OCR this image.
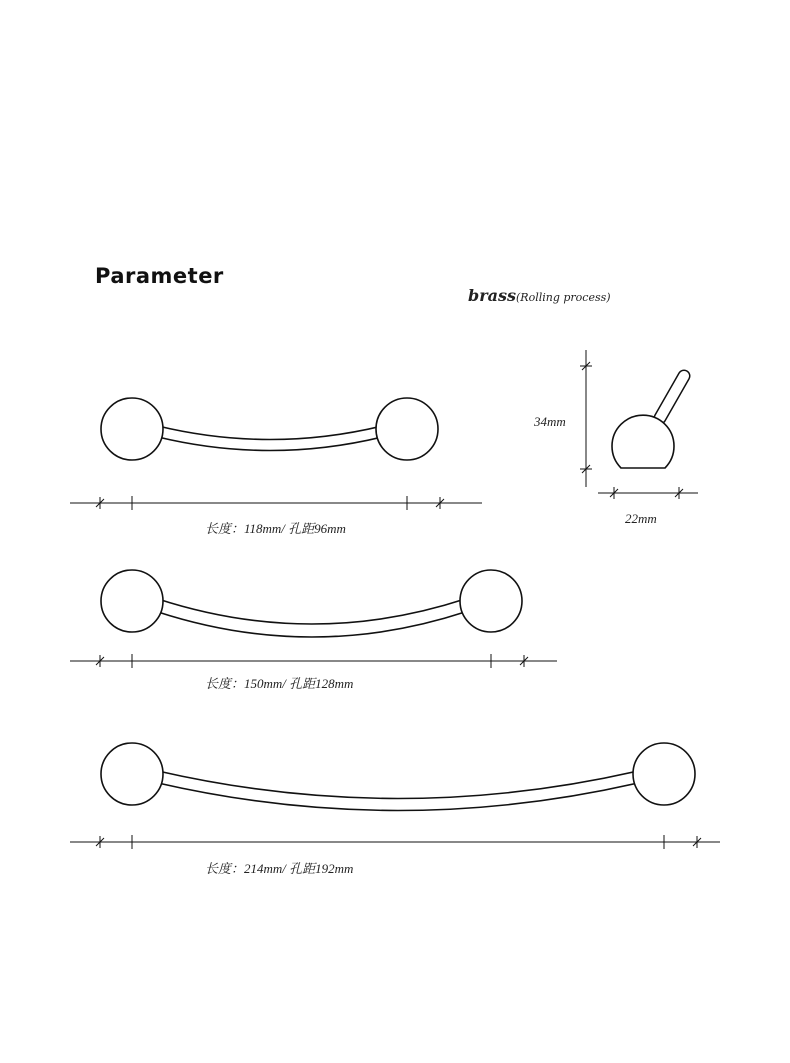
Parameter
brass(Rolling process)
长度：118mm/ 孔距96mm
长度：150mm/ 孔距128mm
长度：214mm/ 孔距192mm
34mm
22mm
